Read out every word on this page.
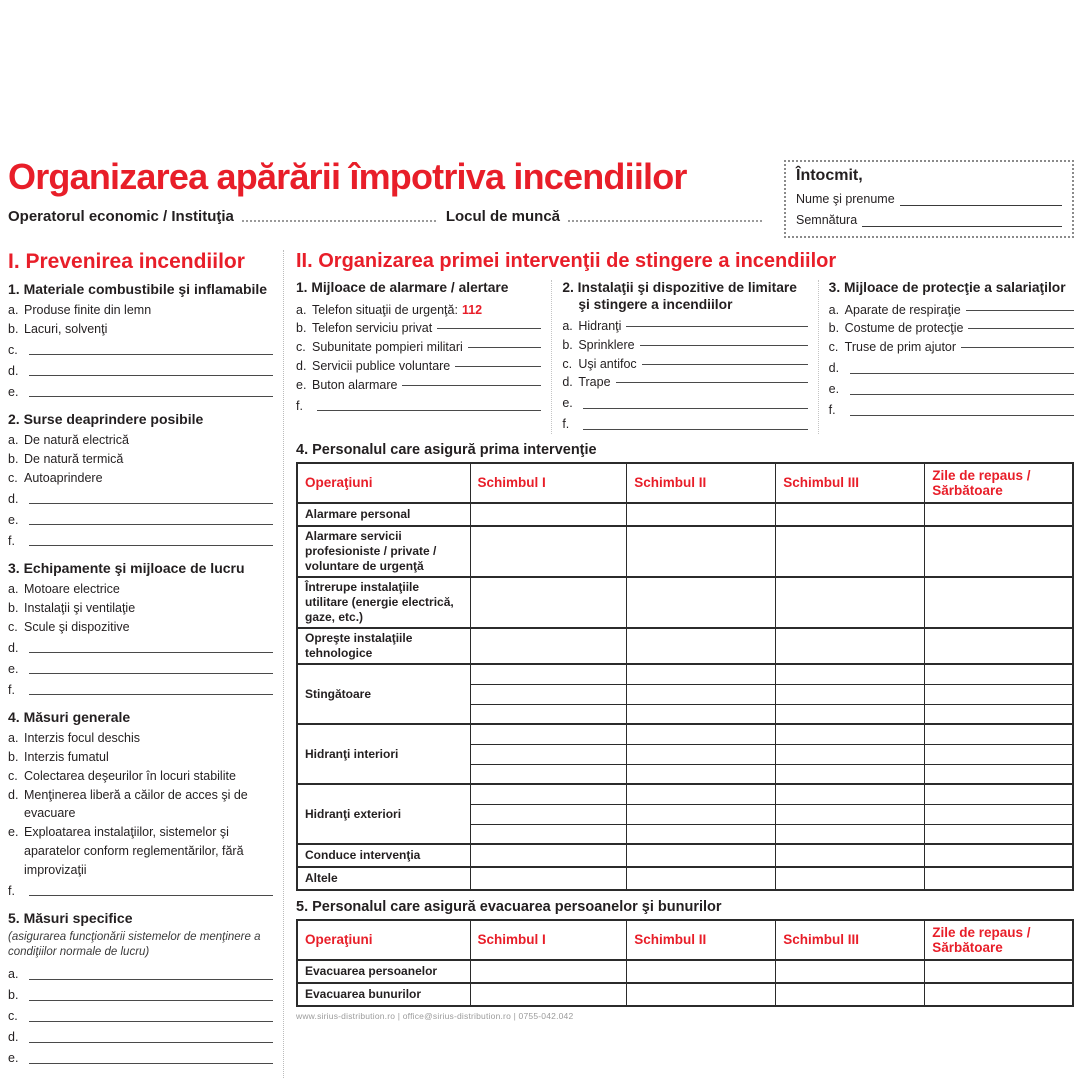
Organizarea apărării împotriva incendiilor
Operatorul economic / Instituţia	Locul de muncă
Întocmit,
Nume şi prenume
Semnătura
I. Prevenirea incendiilor
1. Materiale combustibile şi inflamabile
a. Produse finite din lemn
b. Lacuri, solvenţi
c.
d.
e.
2. Surse deaprindere posibile
a. De natură electrică
b. De natură termică
c. Autoaprindere
d.
e.
f.
3. Echipamente şi mijloace de lucru
a. Motoare electrice
b. Instalaţii şi ventilaţie
c. Scule şi dispozitive
d.
e.
f.
4. Măsuri generale
a. Interzis focul deschis
b. Interzis fumatul
c. Colectarea deşeurilor în locuri stabilite
d. Menţinerea liberă a căilor de acces şi de evacuare
e. Exploatarea instalaţiilor, sistemelor şi aparatelor conform reglementărilor, fără improvizaţii
f.
5. Măsuri specifice
(asigurarea funcţionării sistemelor de menţinere a condiţiilor normale de lucru)
a.
b.
c.
d.
e.
II. Organizarea primei intervenţii de stingere a incendiilor
1. Mijloace de alarmare / alertare
a. Telefon situaţii de urgenţă: 112
b. Telefon serviciu privat
c. Subunitate pompieri militari
d. Servicii publice voluntare
e. Buton alarmare
f.
2. Instalaţii şi dispozitive de limitare şi stingere a incendiilor
a. Hidranţi
b. Sprinklere
c. Uşi antifoc
d. Trape
e.
f.
3. Mijloace de protecţie a salariaţilor
a. Aparate de respiraţie
b. Costume de protecţie
c. Truse de prim ajutor
d.
e.
f.
4. Personalul care asigură prima intervenţie
Operaţiuni	Schimbul I	Schimbul II	Schimbul III	Zile de repaus / Sărbătoare
Alarmare personal				
Alarmare servicii profesioniste / private / voluntare de urgenţă				
Întrerupe instalaţiile utilitare (energie electrică, gaze, etc.)				
Opreşte instalaţiile tehnologice				
Stingătoare				

Hidranţi interiori				

Hidranţi exteriori				

Conduce intervenţia				
Altele				
5. Personalul care asigură evacuarea persoanelor şi bunurilor
Operaţiuni	Schimbul I	Schimbul II	Schimbul III	Zile de repaus / Sărbătoare
Evacuarea persoanelor				
Evacuarea bunurilor				
www.sirius-distribution.ro | office@sirius-distribution.ro | 0755-042.042
